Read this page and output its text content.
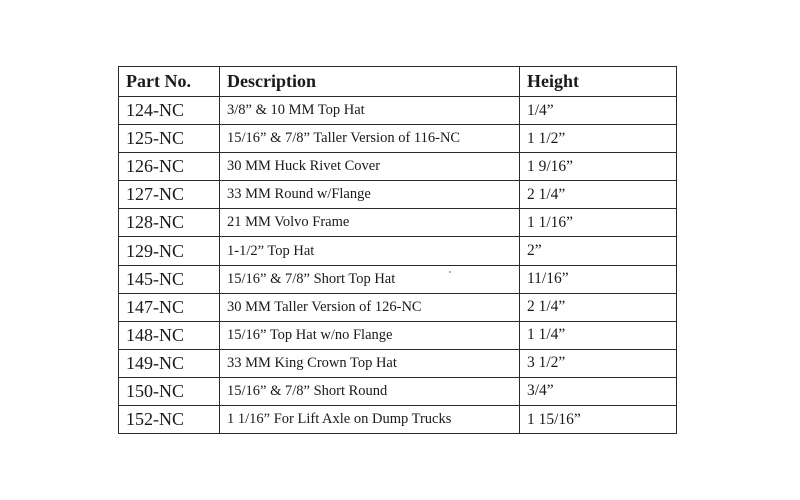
Part No.	Description	Height
124-NC	3/8” & 10 MM Top Hat	1/4”
125-NC	15/16” & 7/8” Taller Version of 116-NC	1 1/2”
126-NC	30 MM Huck Rivet Cover	1 9/16”
127-NC	33 MM Round w/Flange	2 1/4”
128-NC	21 MM Volvo Frame	1 1/16”
129-NC	1-1/2” Top Hat	2”
145-NC	15/16” & 7/8” Short Top Hat	11/16”
147-NC	30 MM Taller Version of 126-NC	2 1/4”
148-NC	15/16” Top Hat w/no Flange	1 1/4”
149-NC	33 MM King Crown Top Hat	3 1/2”
150-NC	15/16” & 7/8” Short Round	3/4”
152-NC	1 1/16” For Lift Axle on Dump Trucks	1 15/16”
